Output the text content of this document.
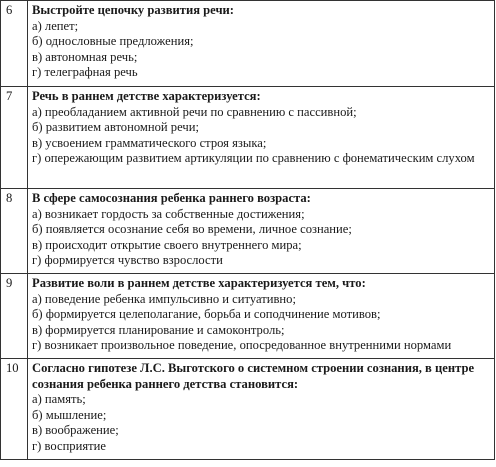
6	Выстройте цепочку развития речи:
а) лепет;
б) однословные предложения;
в) автономная речь;
г) телеграфная речь

7	Речь в раннем детстве характеризуется:
а) преобладанием активной речи по сравнению с пассивной;
б) развитием автономной речи;
в) усвоением грамматического строя языка;
г) опережающим развитием артикуляции по сравнению с фонематическим слухом

8	В сфере самосознания ребенка раннего возраста:
а) возникает гордость за собственные достижения;
б) появляется осознание себя во времени, личное сознание;
в) происходит открытие своего внутреннего мира;
г) формируется чувство взрослости

9	Развитие воли в раннем детстве характеризуется тем, что:
а) поведение ребенка импульсивно и ситуативно;
б) формируется целеполагание, борьба и соподчинение мотивов;
в) формируется планирование и самоконтроль;
г) возникает произвольное поведение, опосредованное внутренними нормами

10	Согласно гипотезе Л.С. Выготского о системном строении сознания, в центре сознания ребенка раннего детства становится:
а) память;
б) мышление;
в) воображение;
г) восприятие
